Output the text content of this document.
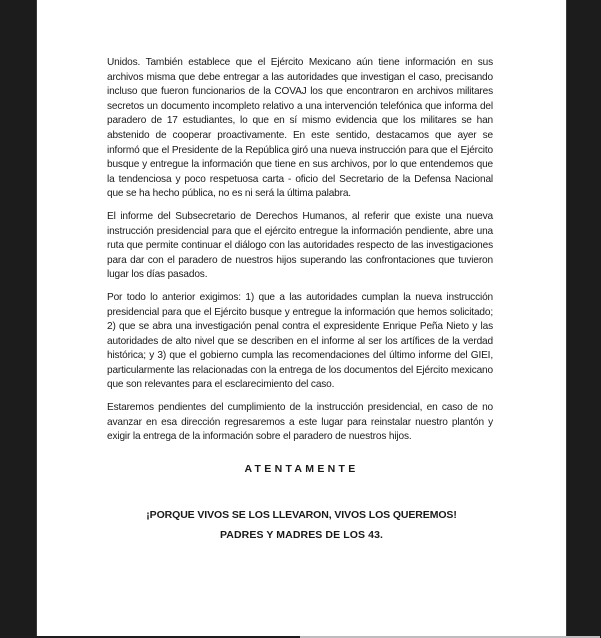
Unidos. También establece que el Ejército Mexicano aún tiene información en sus archivos misma que debe entregar a las autoridades que investigan el caso, precisando incluso que fueron funcionarios de la COVAJ los que encontraron en archivos militares secretos un documento incompleto relativo a una intervención telefónica que informa del paradero de 17 estudiantes, lo que en sí mismo evidencia que los militares se han abstenido de cooperar proactivamente. En este sentido, destacamos que ayer se informó que el Presidente de la República giró una nueva instrucción para que el Ejército busque y entregue la información que tiene en sus archivos, por lo que entendemos que la tendenciosa y poco respetuosa carta - oficio del Secretario de la Defensa Nacional que se ha hecho pública, no es ni será la última palabra.

El informe del Subsecretario de Derechos Humanos, al referir que existe una nueva instrucción presidencial para que el ejército entregue la información pendiente, abre una ruta que permite continuar el diálogo con las autoridades respecto de las investigaciones para dar con el paradero de nuestros hijos superando las confrontaciones que tuvieron lugar los días pasados.

Por todo lo anterior exigimos: 1) que a las autoridades cumplan la nueva instrucción presidencial para que el Ejército busque y entregue la información que hemos solicitado; 2) que se abra una investigación penal contra el expresidente Enrique Peña Nieto y las autoridades de alto nivel que se describen en el informe al ser los artífices de la verdad histórica; y 3) que el gobierno cumpla las recomendaciones del último informe del GIEI, particularmente las relacionadas con la entrega de los documentos del Ejército mexicano que son relevantes para el esclarecimiento del caso.

Estaremos pendientes del cumplimiento de la instrucción presidencial, en caso de no avanzar en esa dirección regresaremos a este lugar para reinstalar nuestro plantón y exigir la entrega de la información sobre el paradero de nuestros hijos.

ATENTAMENTE
¡PORQUE VIVOS SE LOS LLEVARON, VIVOS LOS QUEREMOS!
PADRES Y MADRES DE LOS 43.
